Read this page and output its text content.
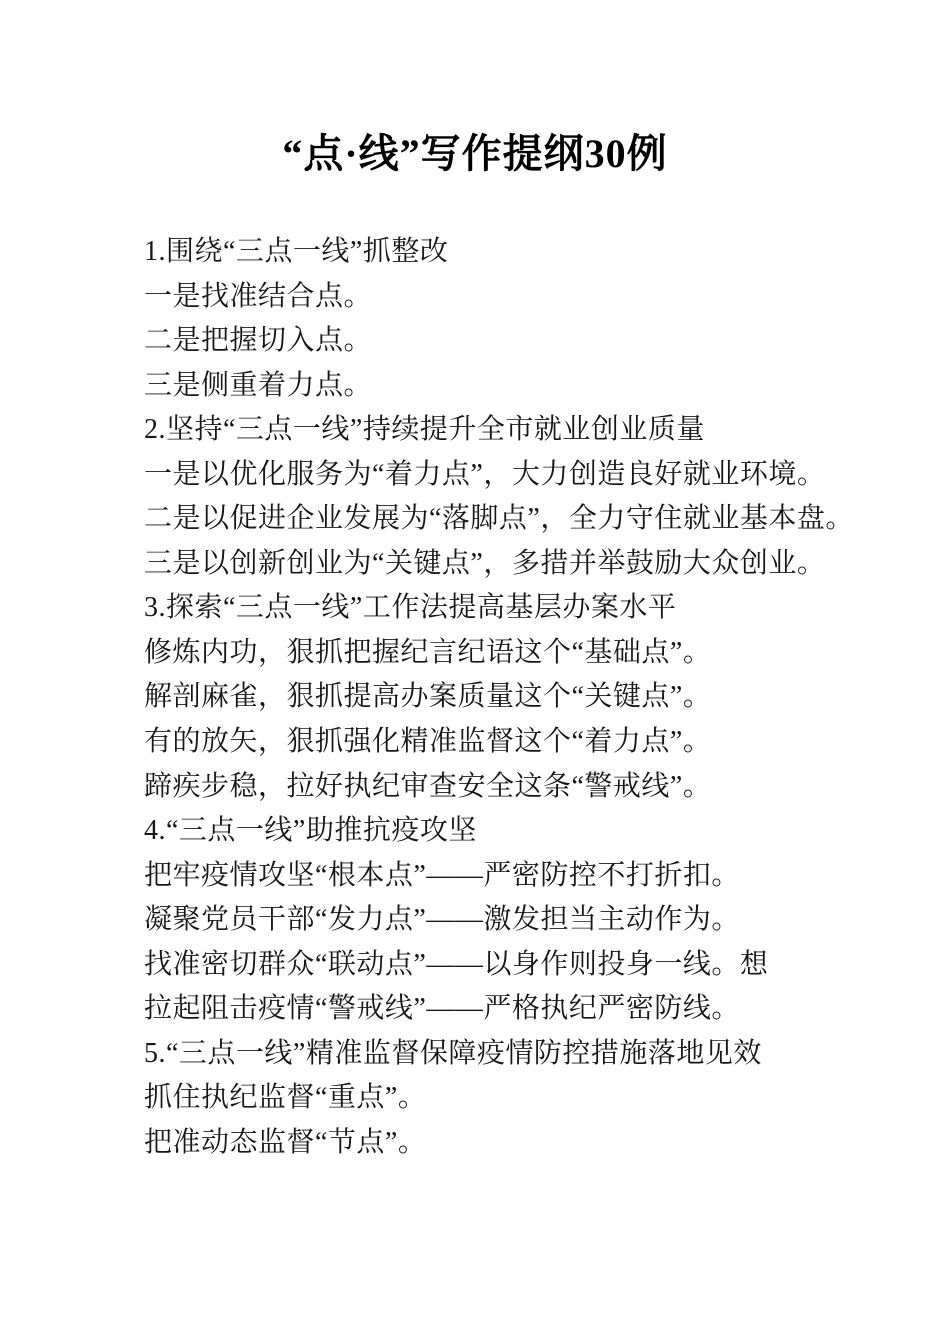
“点·线”写作提纲30例
1.围绕“三点一线”抓整改
一是找准结合点。
二是把握切入点。
三是侧重着力点。
2.坚持“三点一线”持续提升全市就业创业质量
一是以优化服务为“着力点”，大力创造良好就业环境。
二是以促进企业发展为“落脚点”，全力守住就业基本盘。
三是以创新创业为“关键点”，多措并举鼓励大众创业。
3.探索“三点一线”工作法提高基层办案水平
修炼内功，狠抓把握纪言纪语这个“基础点”。
解剖麻雀，狠抓提高办案质量这个“关键点”。
有的放矢，狠抓强化精准监督这个“着力点”。
蹄疾步稳，拉好执纪审查安全这条“警戒线”。
4.“三点一线”助推抗疫攻坚
把牢疫情攻坚“根本点”——严密防控不打折扣。
凝聚党员干部“发力点”——激发担当主动作为。
找准密切群众“联动点”——以身作则投身一线。想
拉起阻击疫情“警戒线”——严格执纪严密防线。
5.“三点一线”精准监督保障疫情防控措施落地见效
抓住执纪监督“重点”。
把准动态监督“节点”。
